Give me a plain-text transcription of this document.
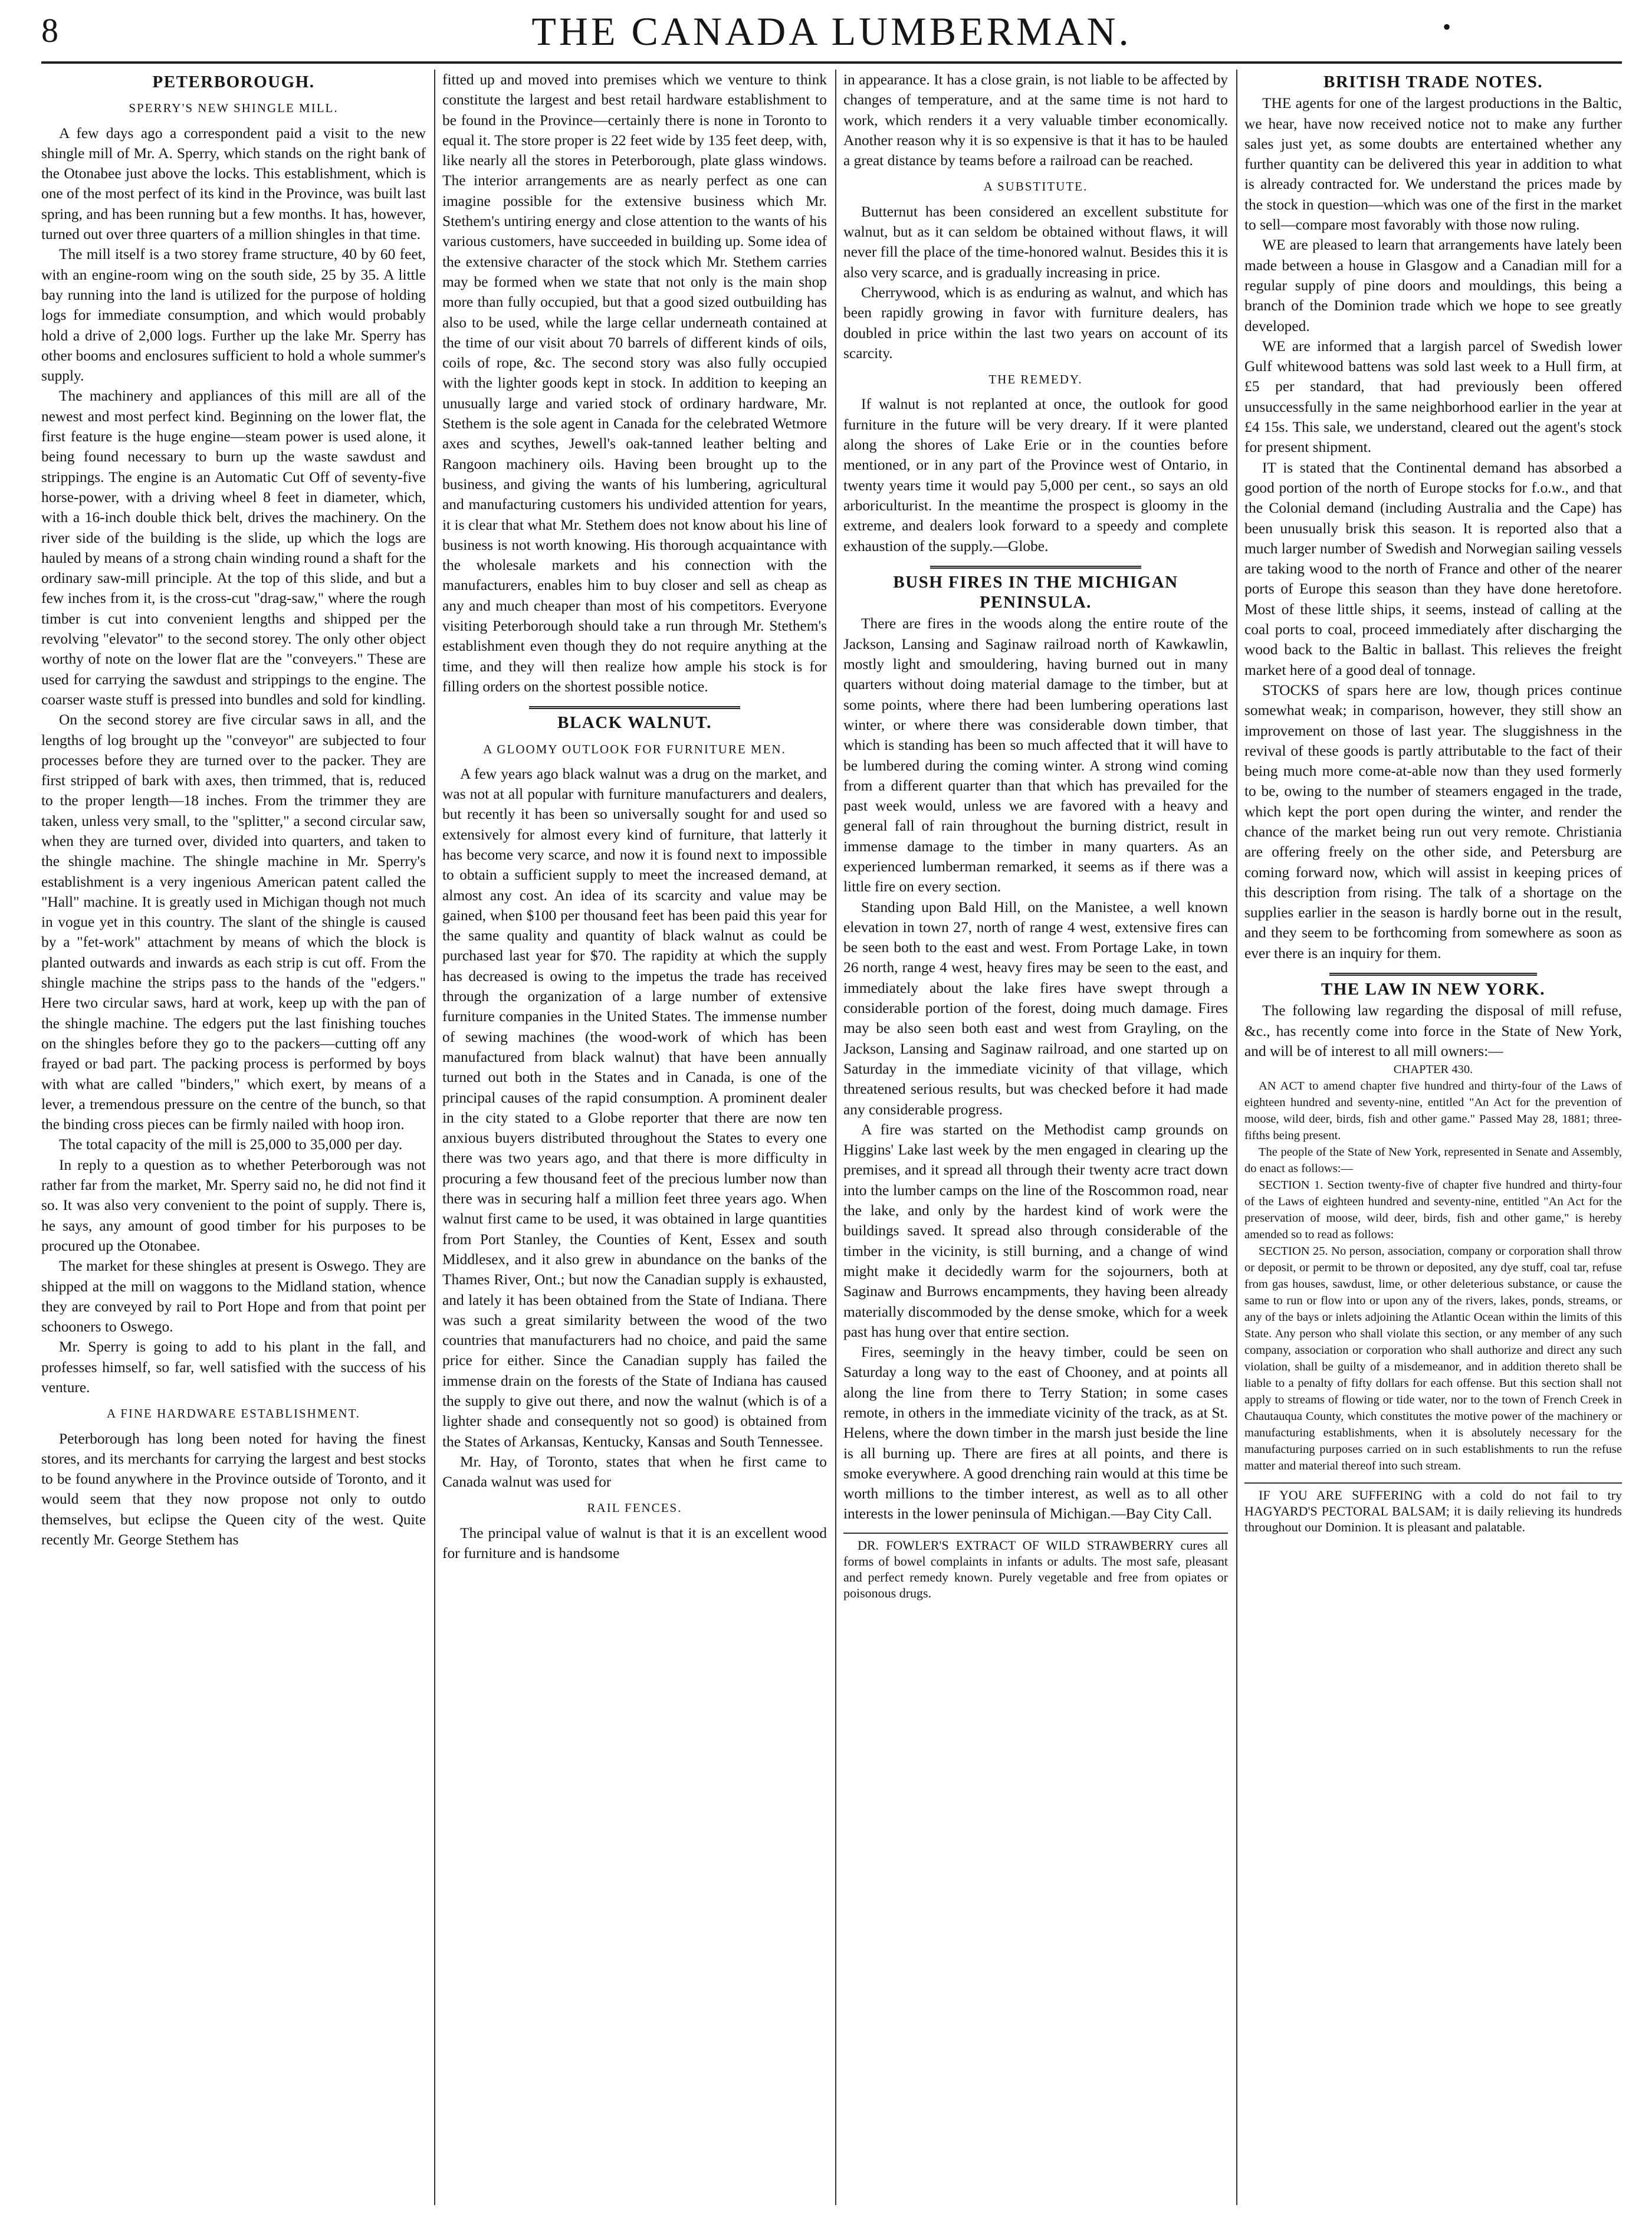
8	THE CANADA LUMBERMAN.	•
PETERBOROUGH.
SPERRY'S NEW SHINGLE MILL.

A few days ago a correspondent paid a visit to the new shingle mill of Mr. A. Sperry, which stands on the right bank of the Otonabee just above the locks. This establishment, which is one of the most perfect of its kind in the Province, was built last spring, and has been running but a few months. It has, however, turned out over three quarters of a million shingles in that time.

The mill itself is a two storey frame structure, 40 by 60 feet, with an engine-room wing on the south side, 25 by 35. A little bay running into the land is utilized for the purpose of holding logs for immediate consumption, and which would probably hold a drive of 2,000 logs. Further up the lake Mr. Sperry has other booms and enclosures sufficient to hold a whole summer's supply.

The machinery and appliances of this mill are all of the newest and most perfect kind. Beginning on the lower flat, the first feature is the huge engine—steam power is used alone, it being found necessary to burn up the waste sawdust and strippings. The engine is an Automatic Cut Off of seventy-five horse-power, with a driving wheel 8 feet in diameter, which, with a 16-inch double thick belt, drives the machinery. On the river side of the building is the slide, up which the logs are hauled by means of a strong chain winding round a shaft for the ordinary saw-mill principle. At the top of this slide, and but a few inches from it, is the cross-cut "drag-saw," where the rough timber is cut into convenient lengths and shipped per the revolving "elevator" to the second storey. The only other object worthy of note on the lower flat are the "conveyers." These are used for carrying the sawdust and strippings to the engine. The coarser waste stuff is pressed into bundles and sold for kindling.

On the second storey are five circular saws in all, and the lengths of log brought up the "conveyor" are subjected to four processes before they are turned over to the packer. They are first stripped of bark with axes, then trimmed, that is, reduced to the proper length—18 inches. From the trimmer they are taken, unless very small, to the "splitter," a second circular saw, when they are turned over, divided into quarters, and taken to the shingle machine. The shingle machine in Mr. Sperry's establishment is a very ingenious American patent called the "Hall" machine. It is greatly used in Michigan though not much in vogue yet in this country. The slant of the shingle is caused by a "fet-work" attachment by means of which the block is planted outwards and inwards as each strip is cut off. From the shingle machine the strips pass to the hands of the "edgers." Here two circular saws, hard at work, keep up with the pan of the shingle machine. The edgers put the last finishing touches on the shingles before they go to the packers—cutting off any frayed or bad part. The packing process is performed by boys with what are called "binders," which exert, by means of a lever, a tremendous pressure on the centre of the bunch, so that the binding cross pieces can be firmly nailed with hoop iron.

The total capacity of the mill is 25,000 to 35,000 per day.

In reply to a question as to whether Peterborough was not rather far from the market, Mr. Sperry said no, he did not find it so. It was also very convenient to the point of supply. There is, he says, any amount of good timber for his purposes to be procured up the Otonabee.

The market for these shingles at present is Oswego. They are shipped at the mill on waggons to the Midland station, whence they are conveyed by rail to Port Hope and from that point per schooners to Oswego.

Mr. Sperry is going to add to his plant in the fall, and professes himself, so far, well satisfied with the success of his venture.

A FINE HARDWARE ESTABLISHMENT.

Peterborough has long been noted for having the finest stores, and its merchants for carrying the largest and best stocks to be found anywhere in the Province outside of Toronto, and it would seem that they now propose not only to outdo themselves, but eclipse the Queen city of the west. Quite recently Mr. George Stethem has

fitted up and moved into premises which we venture to think constitute the largest and best retail hardware establishment to be found in the Province—certainly there is none in Toronto to equal it. The store proper is 22 feet wide by 135 feet deep, with, like nearly all the stores in Peterborough, plate glass windows. The interior arrangements are as nearly perfect as one can imagine possible for the extensive business which Mr. Stethem's untiring energy and close attention to the wants of his various customers, have succeeded in building up. Some idea of the extensive character of the stock which Mr. Stethem carries may be formed when we state that not only is the main shop more than fully occupied, but that a good sized outbuilding has also to be used, while the large cellar underneath contained at the time of our visit about 70 barrels of different kinds of oils, coils of rope, &c. The second story was also fully occupied with the lighter goods kept in stock. In addition to keeping an unusually large and varied stock of ordinary hardware, Mr. Stethem is the sole agent in Canada for the celebrated Wetmore axes and scythes, Jewell's oak-tanned leather belting and Rangoon machinery oils. Having been brought up to the business, and giving the wants of his lumbering, agricultural and manufacturing customers his undivided attention for years, it is clear that what Mr. Stethem does not know about his line of business is not worth knowing. His thorough acquaintance with the wholesale markets and his connection with the manufacturers, enables him to buy closer and sell as cheap as any and much cheaper than most of his competitors. Everyone visiting Peterborough should take a run through Mr. Stethem's establishment even though they do not require anything at the time, and they will then realize how ample his stock is for filling orders on the shortest possible notice.

BLACK WALNUT.
A GLOOMY OUTLOOK FOR FURNITURE MEN.

A few years ago black walnut was a drug on the market, and was not at all popular with furniture manufacturers and dealers, but recently it has been so universally sought for and used so extensively for almost every kind of furniture, that latterly it has become very scarce, and now it is found next to impossible to obtain a sufficient supply to meet the increased demand, at almost any cost. An idea of its scarcity and value may be gained, when $100 per thousand feet has been paid this year for the same quality and quantity of black walnut as could be purchased last year for $70. The rapidity at which the supply has decreased is owing to the impetus the trade has received through the organization of a large number of extensive furniture companies in the United States. The immense number of sewing machines (the wood-work of which has been manufactured from black walnut) that have been annually turned out both in the States and in Canada, is one of the principal causes of the rapid consumption. A prominent dealer in the city stated to a Globe reporter that there are now ten anxious buyers distributed throughout the States to every one there was two years ago, and that there is more difficulty in procuring a few thousand feet of the precious lumber now than there was in securing half a million feet three years ago. When walnut first came to be used, it was obtained in large quantities from Port Stanley, the Counties of Kent, Essex and south Middlesex, and it also grew in abundance on the banks of the Thames River, Ont.; but now the Canadian supply is exhausted, and lately it has been obtained from the State of Indiana. There was such a great similarity between the wood of the two countries that manufacturers had no choice, and paid the same price for either. Since the Canadian supply has failed the immense drain on the forests of the State of Indiana has caused the supply to give out there, and now the walnut (which is of a lighter shade and consequently not so good) is obtained from the States of Arkansas, Kentucky, Kansas and South Tennessee.

Mr. Hay, of Toronto, states that when he first came to Canada walnut was used for

RAIL FENCES.

The principal value of walnut is that it is an excellent wood for furniture and is handsome

in appearance. It has a close grain, is not liable to be affected by changes of temperature, and at the same time is not hard to work, which renders it a very valuable timber economically. Another reason why it is so expensive is that it has to be hauled a great distance by teams before a railroad can be reached.

A SUBSTITUTE.

Butternut has been considered an excellent substitute for walnut, but as it can seldom be obtained without flaws, it will never fill the place of the time-honored walnut. Besides this it is also very scarce, and is gradually increasing in price.

Cherrywood, which is as enduring as walnut, and which has been rapidly growing in favor with furniture dealers, has doubled in price within the last two years on account of its scarcity.

THE REMEDY.

If walnut is not replanted at once, the outlook for good furniture in the future will be very dreary. If it were planted along the shores of Lake Erie or in the counties before mentioned, or in any part of the Province west of Ontario, in twenty years time it would pay 5,000 per cent., so says an old arboriculturist. In the meantime the prospect is gloomy in the extreme, and dealers look forward to a speedy and complete exhaustion of the supply.—Globe.

BUSH FIRES IN THE MICHIGAN PENINSULA.

There are fires in the woods along the entire route of the Jackson, Lansing and Saginaw railroad north of Kawkawlin, mostly light and smouldering, having burned out in many quarters without doing material damage to the timber, but at some points, where there had been lumbering operations last winter, or where there was considerable down timber, that which is standing has been so much affected that it will have to be lumbered during the coming winter. A strong wind coming from a different quarter than that which has prevailed for the past week would, unless we are favored with a heavy and general fall of rain throughout the burning district, result in immense damage to the timber in many quarters. As an experienced lumberman remarked, it seems as if there was a little fire on every section.

Standing upon Bald Hill, on the Manistee, a well known elevation in town 27, north of range 4 west, extensive fires can be seen both to the east and west. From Portage Lake, in town 26 north, range 4 west, heavy fires may be seen to the east, and immediately about the lake fires have swept through a considerable portion of the forest, doing much damage. Fires may be also seen both east and west from Grayling, on the Jackson, Lansing and Saginaw railroad, and one started up on Saturday in the immediate vicinity of that village, which threatened serious results, but was checked before it had made any considerable progress.

A fire was started on the Methodist camp grounds on Higgins' Lake last week by the men engaged in clearing up the premises, and it spread all through their twenty acre tract down into the lumber camps on the line of the Roscommon road, near the lake, and only by the hardest kind of work were the buildings saved. It spread also through considerable of the timber in the vicinity, is still burning, and a change of wind might make it decidedly warm for the sojourners, both at Saginaw and Burrows encampments, they having been already materially discommoded by the dense smoke, which for a week past has hung over that entire section.

Fires, seemingly in the heavy timber, could be seen on Saturday a long way to the east of Chooney, and at points all along the line from there to Terry Station; in some cases remote, in others in the immediate vicinity of the track, as at St. Helens, where the down timber in the marsh just beside the line is all burning up. There are fires at all points, and there is smoke everywhere. A good drenching rain would at this time be worth millions to the timber interest, as well as to all other interests in the lower peninsula of Michigan.—Bay City Call.

DR. FOWLER'S EXTRACT OF WILD STRAWBERRY cures all forms of bowel complaints in infants or adults. The most safe, pleasant and perfect remedy known. Purely vegetable and free from opiates or poisonous drugs.

BRITISH TRADE NOTES.

THE agents for one of the largest productions in the Baltic, we hear, have now received notice not to make any further sales just yet, as some doubts are entertained whether any further quantity can be delivered this year in addition to what is already contracted for. We understand the prices made by the stock in question—which was one of the first in the market to sell—compare most favorably with those now ruling.

WE are pleased to learn that arrangements have lately been made between a house in Glasgow and a Canadian mill for a regular supply of pine doors and mouldings, this being a branch of the Dominion trade which we hope to see greatly developed.

WE are informed that a largish parcel of Swedish lower Gulf whitewood battens was sold last week to a Hull firm, at £5 per standard, that had previously been offered unsuccessfully in the same neighborhood earlier in the year at £4 15s. This sale, we understand, cleared out the agent's stock for present shipment.

IT is stated that the Continental demand has absorbed a good portion of the north of Europe stocks for f.o.w., and that the Colonial demand (including Australia and the Cape) has been unusually brisk this season. It is reported also that a much larger number of Swedish and Norwegian sailing vessels are taking wood to the north of France and other of the nearer ports of Europe this season than they have done heretofore. Most of these little ships, it seems, instead of calling at the coal ports to coal, proceed immediately after discharging the wood back to the Baltic in ballast. This relieves the freight market here of a good deal of tonnage.

STOCKS of spars here are low, though prices continue somewhat weak; in comparison, however, they still show an improvement on those of last year. The sluggishness in the revival of these goods is partly attributable to the fact of their being much more come-at-able now than they used formerly to be, owing to the number of steamers engaged in the trade, which kept the port open during the winter, and render the chance of the market being run out very remote. Christiania are offering freely on the other side, and Petersburg are coming forward now, which will assist in keeping prices of this description from rising. The talk of a shortage on the supplies earlier in the season is hardly borne out in the result, and they seem to be forthcoming from somewhere as soon as ever there is an inquiry for them.

THE LAW IN NEW YORK.

The following law regarding the disposal of mill refuse, &c., has recently come into force in the State of New York, and will be of interest to all mill owners:—

CHAPTER 430.

AN ACT to amend chapter five hundred and thirty-four of the Laws of eighteen hundred and seventy-nine, entitled "An Act for the prevention of moose, wild deer, birds, fish and other game." Passed May 28, 1881; three-fifths being present.

The people of the State of New York, represented in Senate and Assembly, do enact as follows:—

SECTION 1. Section twenty-five of chapter five hundred and thirty-four of the Laws of eighteen hundred and seventy-nine, entitled "An Act for the preservation of moose, wild deer, birds, fish and other game," is hereby amended so to read as follows:

SECTION 25. No person, association, company or corporation shall throw or deposit, or permit to be thrown or deposited, any dye stuff, coal tar, refuse from gas houses, sawdust, lime, or other deleterious substance, or cause the same to run or flow into or upon any of the rivers, lakes, ponds, streams, or any of the bays or inlets adjoining the Atlantic Ocean within the limits of this State. Any person who shall violate this section, or any member of any such company, association or corporation who shall authorize and direct any such violation, shall be guilty of a misdemeanor, and in addition thereto shall be liable to a penalty of fifty dollars for each offense. But this section shall not apply to streams of flowing or tide water, nor to the town of French Creek in Chautauqua County, which constitutes the motive power of the machinery or manufacturing establishments, when it is absolutely necessary for the manufacturing purposes carried on in such establishments to run the refuse matter and material thereof into such stream.

IF YOU ARE SUFFERING with a cold do not fail to try HAGYARD'S PECTORAL BALSAM; it is daily relieving its hundreds throughout our Dominion. It is pleasant and palatable.
